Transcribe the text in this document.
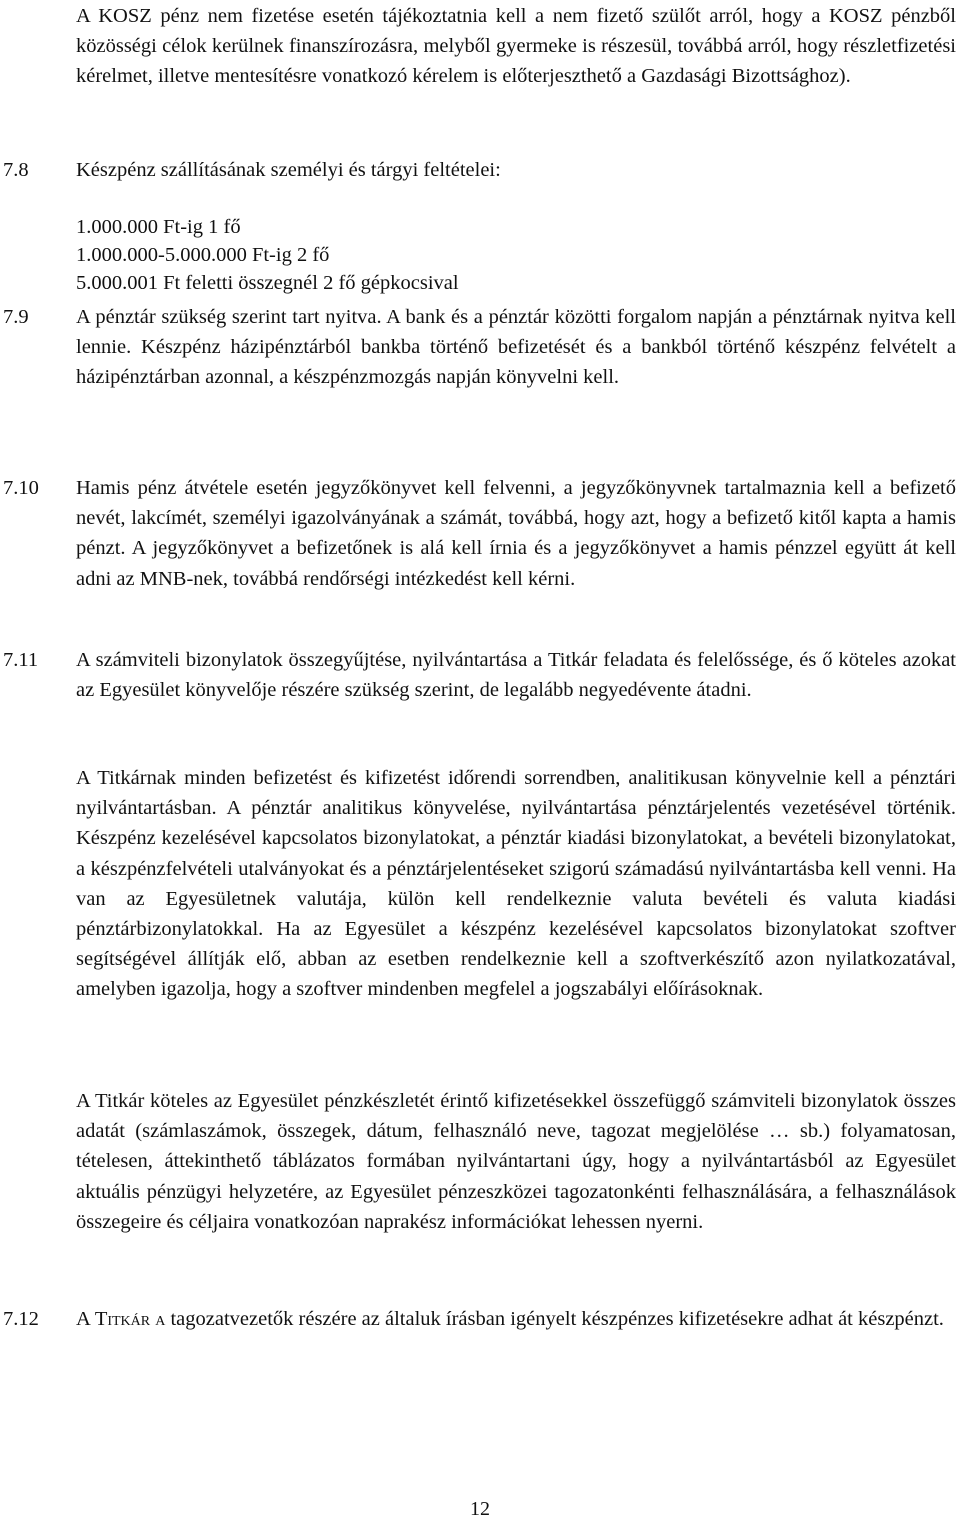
A KOSZ pénz nem fizetése esetén tájékoztatnia kell a nem fizető szülőt arról, hogy a KOSZ pénzből közösségi célok kerülnek finanszírozásra, melyből gyermeke is részesül, továbbá arról, hogy részletfizetési kérelmet, illetve mentesítésre vonatkozó kérelem is előterjeszthető a Gazdasági Bizottsághoz).

7.8	Készpénz szállításának személyi és tárgyi feltételei:
1.000.000 Ft-ig 1 fő
1.000.000-5.000.000 Ft-ig 2 fő
5.000.001 Ft feletti összegnél 2 fő gépkocsival
7.9	A pénztár szükség szerint tart nyitva. A bank és a pénztár közötti forgalom napján a pénztárnak nyitva kell lennie. Készpénz házipénztárból bankba történő befizetését és a bankból történő készpénz felvételt a házipénztárban azonnal, a készpénzmozgás napján könyvelni kell.
7.10	Hamis pénz átvétele esetén jegyzőkönyvet kell felvenni, a jegyzőkönyvnek tartalmaznia kell a befizető nevét, lakcímét, személyi igazolványának a számát, továbbá, hogy azt, hogy a befizető kitől kapta a hamis pénzt. A jegyzőkönyvet a befizetőnek is alá kell írnia és a jegyzőkönyvet a hamis pénzzel együtt át kell adni az MNB-nek, továbbá rendőrségi intézkedést kell kérni.
7.11	A számviteli bizonylatok összegyűjtése, nyilvántartása a Titkár feladata és felelőssége, és ő köteles azokat az Egyesület könyvelője részére szükség szerint, de legalább negyedévente átadni.

A Titkárnak minden befizetést és kifizetést időrendi sorrendben, analitikusan könyvelnie kell a pénztári nyilvántartásban. A pénztár analitikus könyvelése, nyilvántartása pénztárjelentés vezetésével történik. Készpénz kezelésével kapcsolatos bizonylatokat, a pénztár kiadási bizonylatokat, a bevételi bizonylatokat, a készpénzfelvételi utalványokat és a pénztárjelentéseket szigorú számadású nyilvántartásba kell venni. Ha van az Egyesületnek valutája, külön kell rendelkeznie valuta bevételi és valuta kiadási pénztárbizonylatokkal. Ha az Egyesület a készpénz kezelésével kapcsolatos bizonylatokat szoftver segítségével állítják elő, abban az esetben rendelkeznie kell a szoftverkészítő azon nyilatkozatával, amelyben igazolja, hogy a szoftver mindenben megfelel a jogszabályi előírásoknak.

A Titkár köteles az Egyesület pénzkészletét érintő kifizetésekkel összefüggő számviteli bizonylatok összes adatát (számlaszámok, összegek, dátum, felhasználó neve, tagozat megjelölése … sb.) folyamatosan, tételesen, áttekinthető táblázatos formában nyilvántartani úgy, hogy a nyilvántartásból az Egyesület aktuális pénzügyi helyzetére, az Egyesület pénzeszközei tagozatonkénti felhasználására, a felhasználások összegeire és céljaira vonatkozóan naprakész információkat lehessen nyerni.

7.12	A Titkár a tagozatvezetők részére az általuk írásban igényelt készpénzes kifizetésekre adhat át készpénzt.
12
